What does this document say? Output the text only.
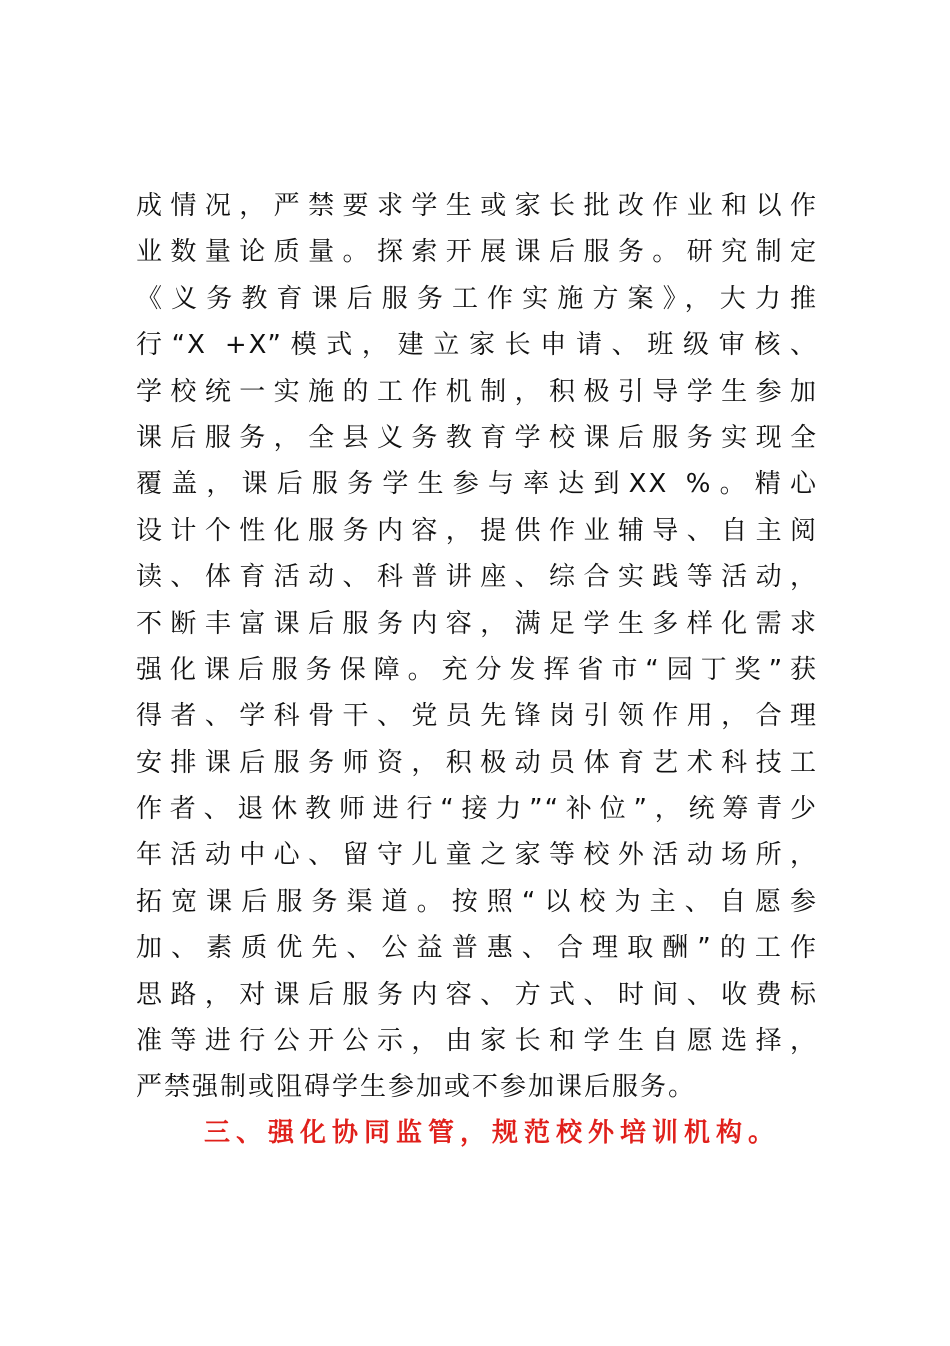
成情况，严禁要求学生或家长批改作业和以作
业数量论质量。探索开展课后服务。研究制定
《义务教育课后服务工作实施方案》，大力推
行“X +X”模式，建立家长申请、班级审核、
学校统一实施的工作机制，积极引导学生参加
课后服务，全县义务教育学校课后服务实现全
覆盖，课后服务学生参与率达到XX %。精心
设计个性化服务内容，提供作业辅导、自主阅
读、体育活动、科普讲座、综合实践等活动，
不断丰富课后服务内容，满足学生多样化需求
强化课后服务保障。充分发挥省市“园丁奖”获
得者、学科骨干、党员先锋岗引领作用，合理
安排课后服务师资，积极动员体育艺术科技工
作者、退休教师进行“接力”“补位”，统筹青少
年活动中心、留守儿童之家等校外活动场所，
拓宽课后服务渠道。按照“以校为主、自愿参
加、素质优先、公益普惠、合理取酬”的工作
思路，对课后服务内容、方式、时间、收费标
准等进行公开公示，由家长和学生自愿选择，
严禁强制或阻碍学生参加或不参加课后服务。
三、强化协同监管，规范校外培训机构。
